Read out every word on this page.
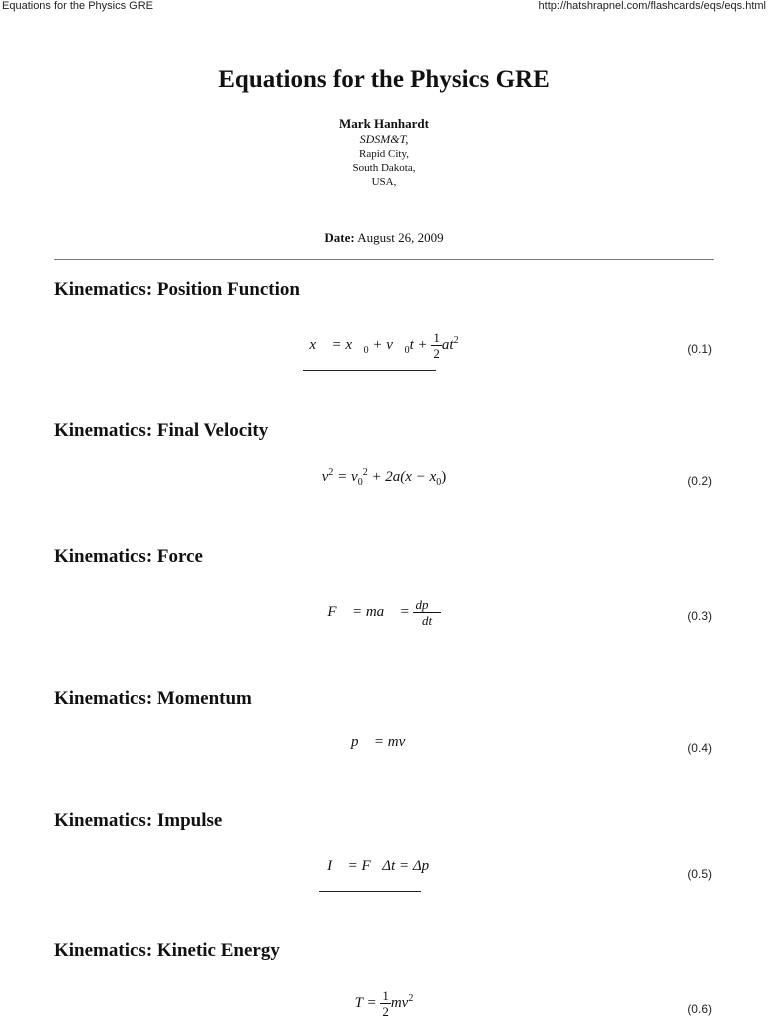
Equations for the Physics GRE	http://hatshrapnel.com/flashcards/eqs/eqs.html
Equations for the Physics GRE
Mark Hanhardt
SDSM&T,
Rapid City,
South Dakota,
USA,
Date: August 26, 2009
Kinematics: Position Function
x⃗ = $x⃗_0$ + $v⃗_0t + \frac{1}{2} at^2$
(0.1)
Kinematics: Final Velocity
$v^2 = v_0^2 + 2a(x - x_0)$	(0.2)
Kinematics: Force
F⃗ = ma⃗ = $\frac{dp⃗}{dt}$	(0.3)
Kinematics: Momentum
p⃗ = mv⃗	(0.4)
Kinematics: Impulse
I⃗ = F⃗Δt = Δp⃗	(0.5)
Kinematics: Kinetic Energy
$T = \frac{1}{2} mv^2$
(0.6)
